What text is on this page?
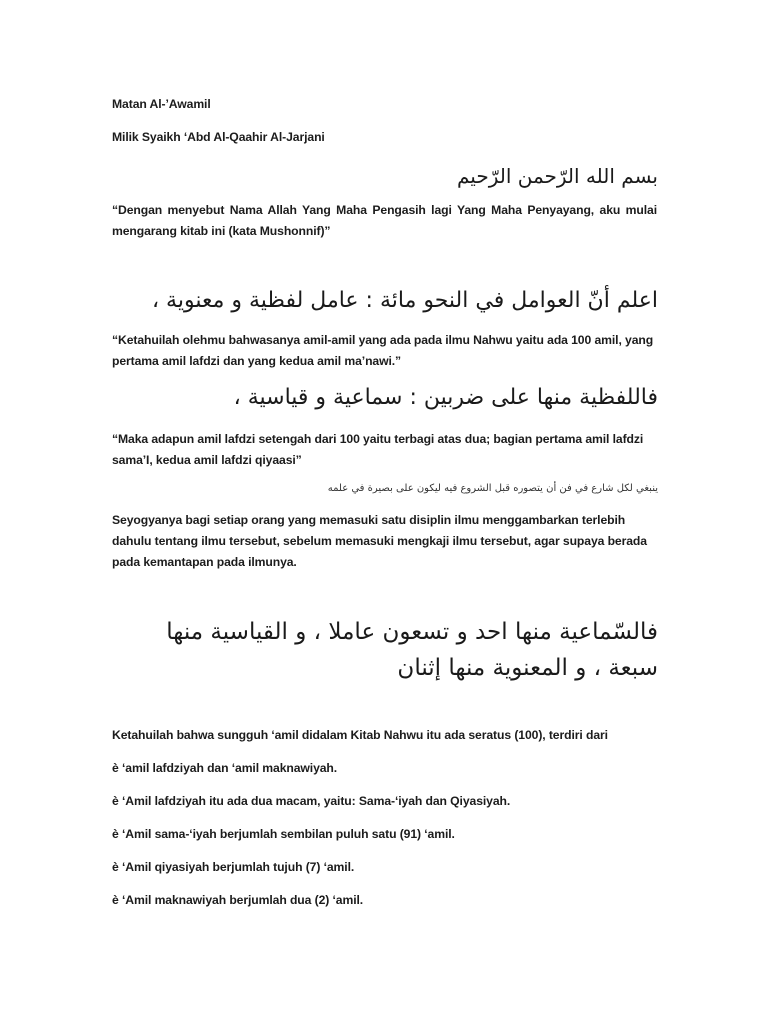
Matan Al-’Awamil
Milik Syaikh ‘Abd Al-Qaahir Al-Jarjani
بسم الله الرّحمن الرّحيم
“Dengan menyebut Nama Allah Yang Maha Pengasih lagi Yang Maha Penyayang, aku mulai mengarang kitab ini (kata Mushonnif)”
اعلم أنّ العوامل في النحو مائة : عامل لفظية و معنوية ،
“Ketahuilah olehmu bahwasanya amil-amil yang ada pada ilmu Nahwu yaitu ada 100 amil, yang pertama amil lafdzi dan yang kedua amil ma’nawi.”
فاللفظية منها على ضربين : سماعية و قياسية ،
“Maka adapun amil lafdzi setengah dari 100 yaitu terbagi atas dua; bagian pertama amil lafdzi sama’I, kedua amil lafdzi qiyaasi”
ينبغي لكل شارع في فن أن يتصوره قبل الشروع فيه ليكون على بصيرة في علمه
Seyogyanya bagi setiap orang yang memasuki satu disiplin ilmu menggambarkan terlebih dahulu tentang ilmu tersebut, sebelum memasuki mengkaji ilmu tersebut, agar supaya berada pada kemantapan pada ilmunya.
فالسّماعية منها احد و تسعون عاملا ، و القياسية منها سبعة ، و المعنوية منها إثنان
Ketahuilah bahwa sungguh ‘amil didalam Kitab Nahwu itu ada seratus (100), terdiri dari
è ‘amil lafdziyah dan ‘amil maknawiyah.
è ‘Amil lafdziyah itu ada dua macam, yaitu: Sama-‘iyah dan Qiyasiyah.
è ‘Amil sama-‘iyah berjumlah sembilan puluh satu (91) ‘amil.
è ‘Amil qiyasiyah berjumlah tujuh (7) ‘amil.
è ‘Amil maknawiyah berjumlah dua (2) ‘amil.
